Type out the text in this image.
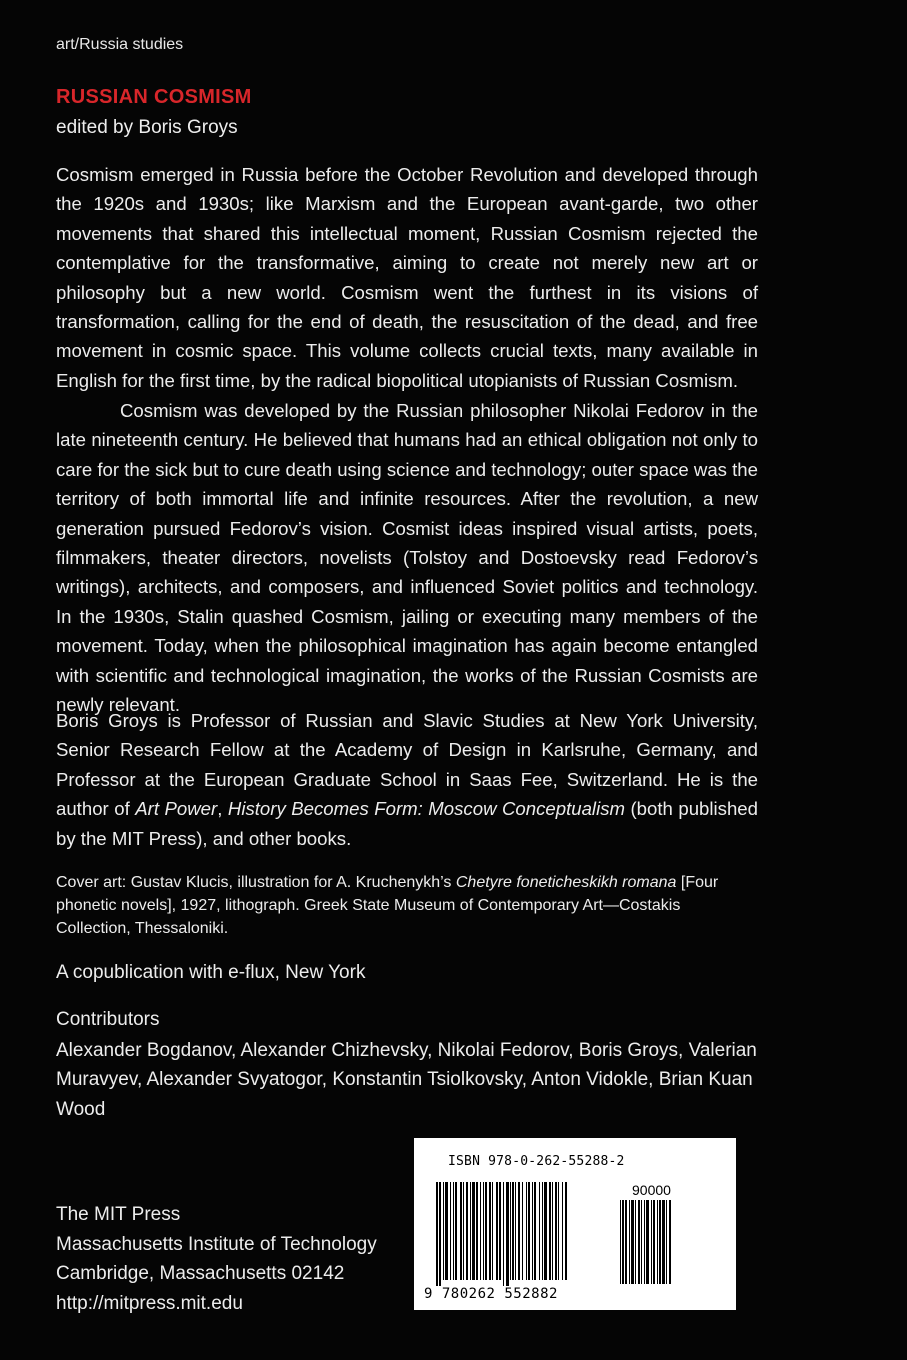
art/Russia studies
RUSSIAN COSMISM
edited by Boris Groys
Cosmism emerged in Russia before the October Revolution and developed through the 1920s and 1930s; like Marxism and the European avant-garde, two other movements that shared this intellectual moment, Russian Cosmism rejected the contemplative for the transformative, aiming to create not merely new art or philosophy but a new world. Cosmism went the furthest in its visions of transformation, calling for the end of death, the resuscitation of the dead, and free movement in cosmic space. This volume collects crucial texts, many available in English for the first time, by the radical biopolitical utopianists of Russian Cosmism.
Cosmism was developed by the Russian philosopher Nikolai Fedorov in the late nineteenth century. He believed that humans had an ethical obligation not only to care for the sick but to cure death using science and technology; outer space was the territory of both immortal life and infinite resources. After the revolution, a new generation pursued Fedorov’s vision. Cosmist ideas inspired visual artists, poets, filmmakers, theater directors, novelists (Tolstoy and Dostoevsky read Fedorov’s writings), architects, and composers, and influenced Soviet politics and technology. In the 1930s, Stalin quashed Cosmism, jailing or executing many members of the movement. Today, when the philosophical imagination has again become entangled with scientific and technological imagination, the works of the Russian Cosmists are newly relevant.
Boris Groys is Professor of Russian and Slavic Studies at New York University, Senior Research Fellow at the Academy of Design in Karlsruhe, Germany, and Professor at the European Graduate School in Saas Fee, Switzerland. He is the author of Art Power, History Becomes Form: Moscow Conceptualism (both published by the MIT Press), and other books.
Cover art: Gustav Klucis, illustration for A. Kruchenykh’s Chetyre foneticheskikh romana [Four phonetic novels], 1927, lithograph. Greek State Museum of Contemporary Art—Costakis Collection, Thessaloniki.
A copublication with e-flux, New York
Contributors
Alexander Bogdanov, Alexander Chizhevsky, Nikolai Fedorov, Boris Groys, Valerian Muravyev, Alexander Svyatogor, Konstantin Tsiolkovsky, Anton Vidokle, Brian Kuan Wood
The MIT Press
Massachusetts Institute of Technology
Cambridge, Massachusetts 02142
http://mitpress.mit.edu
ISBN 978-0-262-55288-2
90000
9 780262 552882
